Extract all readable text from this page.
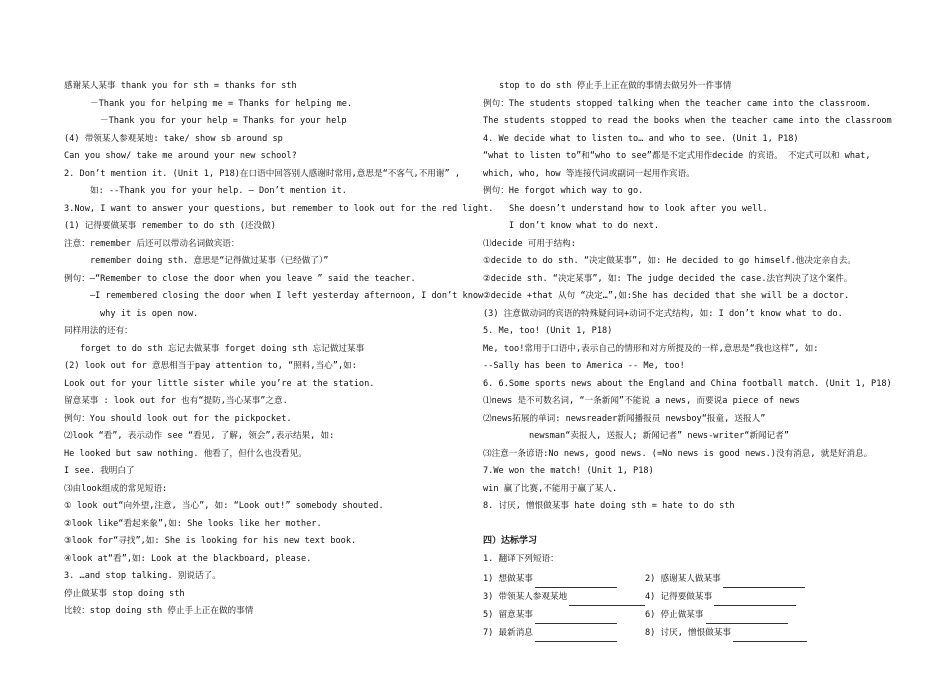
感谢某人某事 thank you for sth = thanks for sth
－Thank you for helping me = Thanks for helping me.
－Thank you for your help = Thanks for your help
(4) 带领某人参观某地: take/ show sb around sp
Can you show/ take me around your new school?
2. Don’t mention it. (Unit 1, P18)在口语中回答别人感谢时常用,意思是“不客气,不用谢” ,
如: --Thank you for your help. — Don’t mention it.
3.Now, I want to answer your questions, but remember to look out for the red light.
(1) 记得要做某事 remember to do sth (还没做)
注意：remember 后还可以带动名词做宾语：
remember doing sth. 意思是“记得做过某事（已经做了）”
例句：—“Remember to close the door when you leave ” said the teacher.
—I remembered closing the door when I left yesterday afternoon, I don’t know
why it is open now.
同样用法的还有：
forget to do sth 忘记去做某事 forget doing sth 忘记做过某事
(2) look out for 意思相当于pay attention to, “照料,当心”,如:
Look out for your little sister while you’re at the station.
留意某事 : look out for 也有“提防,当心某事”之意.
例句：You should look out for the pickpocket.
⑵look “看”, 表示动作 see “看见, 了解, 领会”,表示结果, 如:
He looked but saw nothing. 他看了，但什么也没看见。
I see. 我明白了
⑶由look组成的常见短语:
① look out“向外望,注意, 当心”, 如: “Look out!” somebody shouted.
②look like“看起来象”,如: She looks like her mother.
③look for“寻找”,如: She is looking for his new text book.
④look at“看”,如: Look at the blackboard, please.
3. …and stop talking. 别说话了。
停止做某事 stop doing sth
比较：stop doing sth 停止手上正在做的事情
stop to do sth 停止手上正在做的事情去做另外一件事情
例句：The students stopped talking when the teacher came into the classroom.
The students stopped to read the books when the teacher came into the classroom
4. We decide what to listen to… and who to see. (Unit 1, P18)
“what to listen to”和“who to see”都是不定式用作decide 的宾语。 不定式可以和 what,
which, who, how 等连接代词或副词一起用作宾语。
例句：He forgot which way to go.
She doesn’t understand how to look after you well.
I don’t know what to do next.
⑴decide 可用于结构:
①decide to do sth. “决定做某事”, 如: He decided to go himself.他决定亲自去。
②decide sth. “决定某事”, 如: The judge decided the case.法官判决了这个案件。
②decide +that 从句 “决定…”,如:She has decided that she will be a doctor.
(3) 注意做动词的宾语的特殊疑问词+动词不定式结构, 如: I don’t know what to do.
5. Me, too! (Unit 1, P18)
Me, too!常用于口语中,表示自己的情形和对方所提及的一样,意思是“我也这样”, 如:
--Sally has been to America -- Me, too!
6. 6.Some sports news about the England and China football match. (Unit 1, P18)
⑴news 是不可数名词, “一条新闻”不能说 a news, 而要说a piece of news
⑵news拓展的单词: newsreader新闻播报员 newsboy“报童, 送报人”
newsman“卖报人, 送报人; 新闻记者” news-writer“新闻记者”
⑶注意一条谚语:No news, good news. (=No news is good news.)没有消息, 就是好消息。
7.We won the match! (Unit 1, P18)
win 赢了比赛,不能用于赢了某人.
8. 讨厌, 憎恨做某事 hate doing sth = hate to do sth
四）达标学习
1. 翻译下列短语：
1) 想做某事	2) 感谢某人做某事
3) 带领某人参观某地	4) 记得要做某事
5) 留意某事	6) 停止做某事
7) 最新消息	8) 讨厌, 憎恨做某事
